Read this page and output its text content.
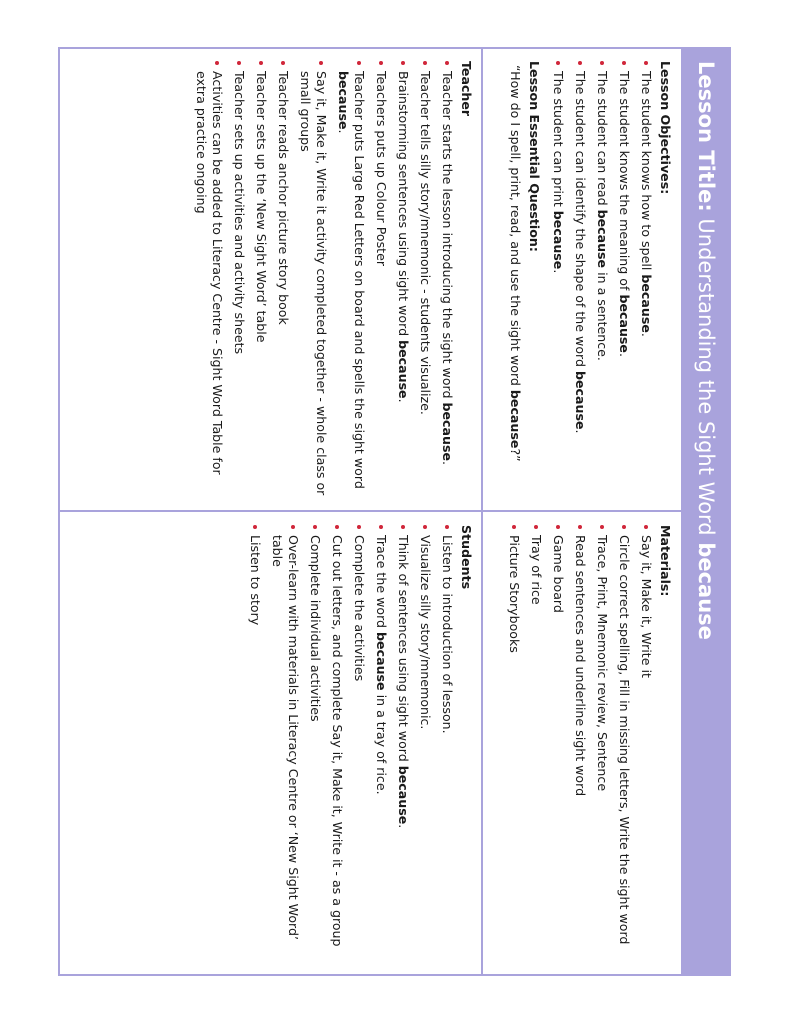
Lesson Title: Understanding the Sight Word because
Lesson Objectives:
The student knows how to spell because.
The student knows the meaning of because.
The student can read because in a sentence.
The student can identify the shape of the word because.
The student can print because.
Lesson Essential Question:
“How do I spell, print, read, and use the sight word because?”
Materials:
Say it, Make it, Write it
Circle correct spelling, Fill in missing letters, Write the sight word
Trace, Print, Mnemonic review, Sentence
Read sentences and underline sight word
Game board
Tray of rice
Picture Storybooks
Teacher
Teacher starts the lesson introducing the sight word because.
Teacher tells silly story/mnemonic - students visualize.
Brainstorming sentences using sight word because.
Teachers puts up Colour Poster
Teacher puts Large Red Letters on board and spells the sight word because.
Say it, Make it, Write it activity completed together - whole class or small groups
Teacher reads anchor picture story book
Teacher sets up the ‘New Sight Word’ table
Teacher sets up activities and activity sheets
Activities can be added to Literacy Centre - Sight Word Table for extra practice ongoing
Students
Listen to introduction of lesson.
Visualize silly story/mnemonic.
Think of sentences using sight word because.
Trace the word because in a tray of rice.
Complete the activities
Cut out letters, and complete Say it, Make it, Write it - as a group
Complete individual activities
Over-learn with materials in Literacy Centre or ‘New Sight Word’ table
Listen to story
